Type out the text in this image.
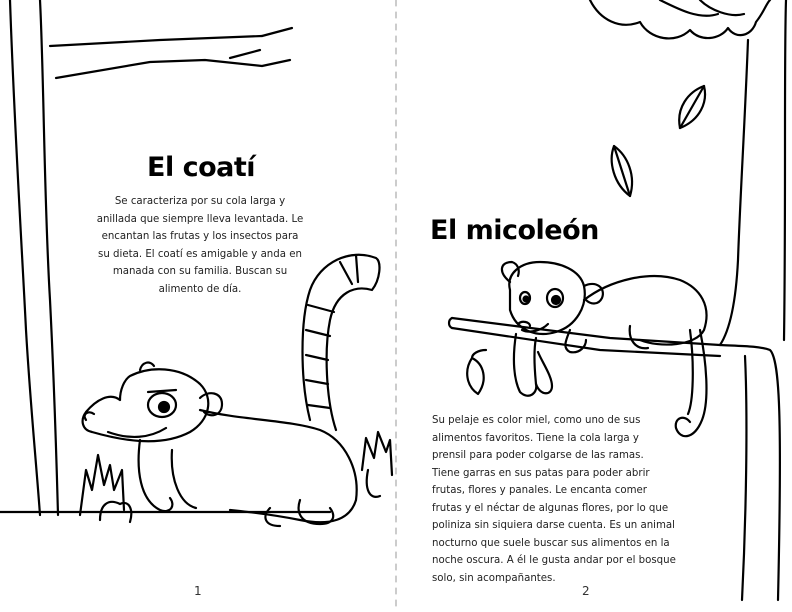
El coatí
Se caracteriza por su cola larga y
anillada que siempre lleva levantada. Le
encantan las frutas y los insectos para
su dieta. El coatí es amigable y anda en
manada con su familia. Buscan su
alimento de día.
El micoleón
Su pelaje es color miel, como uno de sus
alimentos favoritos. Tiene la cola larga y
prensil para poder colgarse de las ramas.
Tiene garras en sus patas para poder abrir
frutas, flores y panales. Le encanta comer
frutas y el néctar de algunas flores, por lo que
poliniza sin siquiera darse cuenta. Es un animal
nocturno que suele buscar sus alimentos en la
noche oscura. A él le gusta andar por el bosque
solo, sin acompañantes.
1	2
